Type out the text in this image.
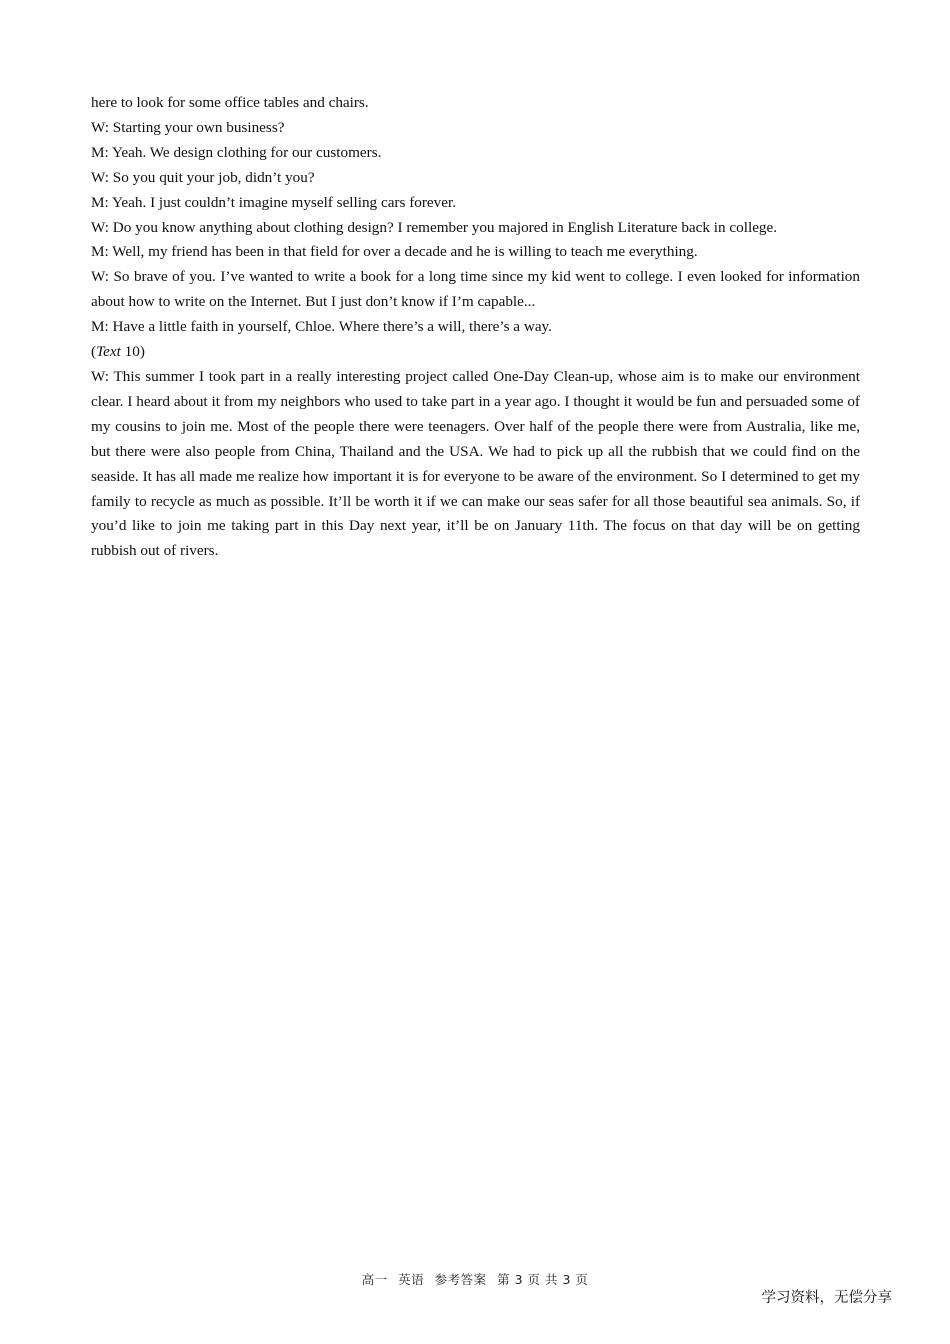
here to look for some office tables and chairs.

W: Starting your own business?

M: Yeah. We design clothing for our customers.

W: So you quit your job, didn’t you?

M: Yeah. I just couldn’t imagine myself selling cars forever.

W: Do you know anything about clothing design? I remember you majored in English Literature back in college.

M: Well, my friend has been in that field for over a decade and he is willing to teach me everything.

W: So brave of you. I’ve wanted to write a book for a long time since my kid went to college. I even looked for information about how to write on the Internet. But I just don’t know if I’m capable...

M: Have a little faith in yourself, Chloe. Where there’s a will, there’s a way.

(Text 10)

W: This summer I took part in a really interesting project called One-Day Clean-up, whose aim is to make our environment clear. I heard about it from my neighbors who used to take part in a year ago. I thought it would be fun and persuaded some of my cousins to join me. Most of the people there were teenagers. Over half of the people there were from Australia, like me, but there were also people from China, Thailand and the USA. We had to pick up all the rubbish that we could find on the seaside. It has all made me realize how important it is for everyone to be aware of the environment. So I determined to get my family to recycle as much as possible. It’ll be worth it if we can make our seas safer for all those beautiful sea animals. So, if you’d like to join me taking part in this Day next year, it’ll be on January 11th. The focus on that day will be on getting rubbish out of rivers.

高一 英语 参考答案 第 3 页 共 3 页
学习资料，无偿分享
